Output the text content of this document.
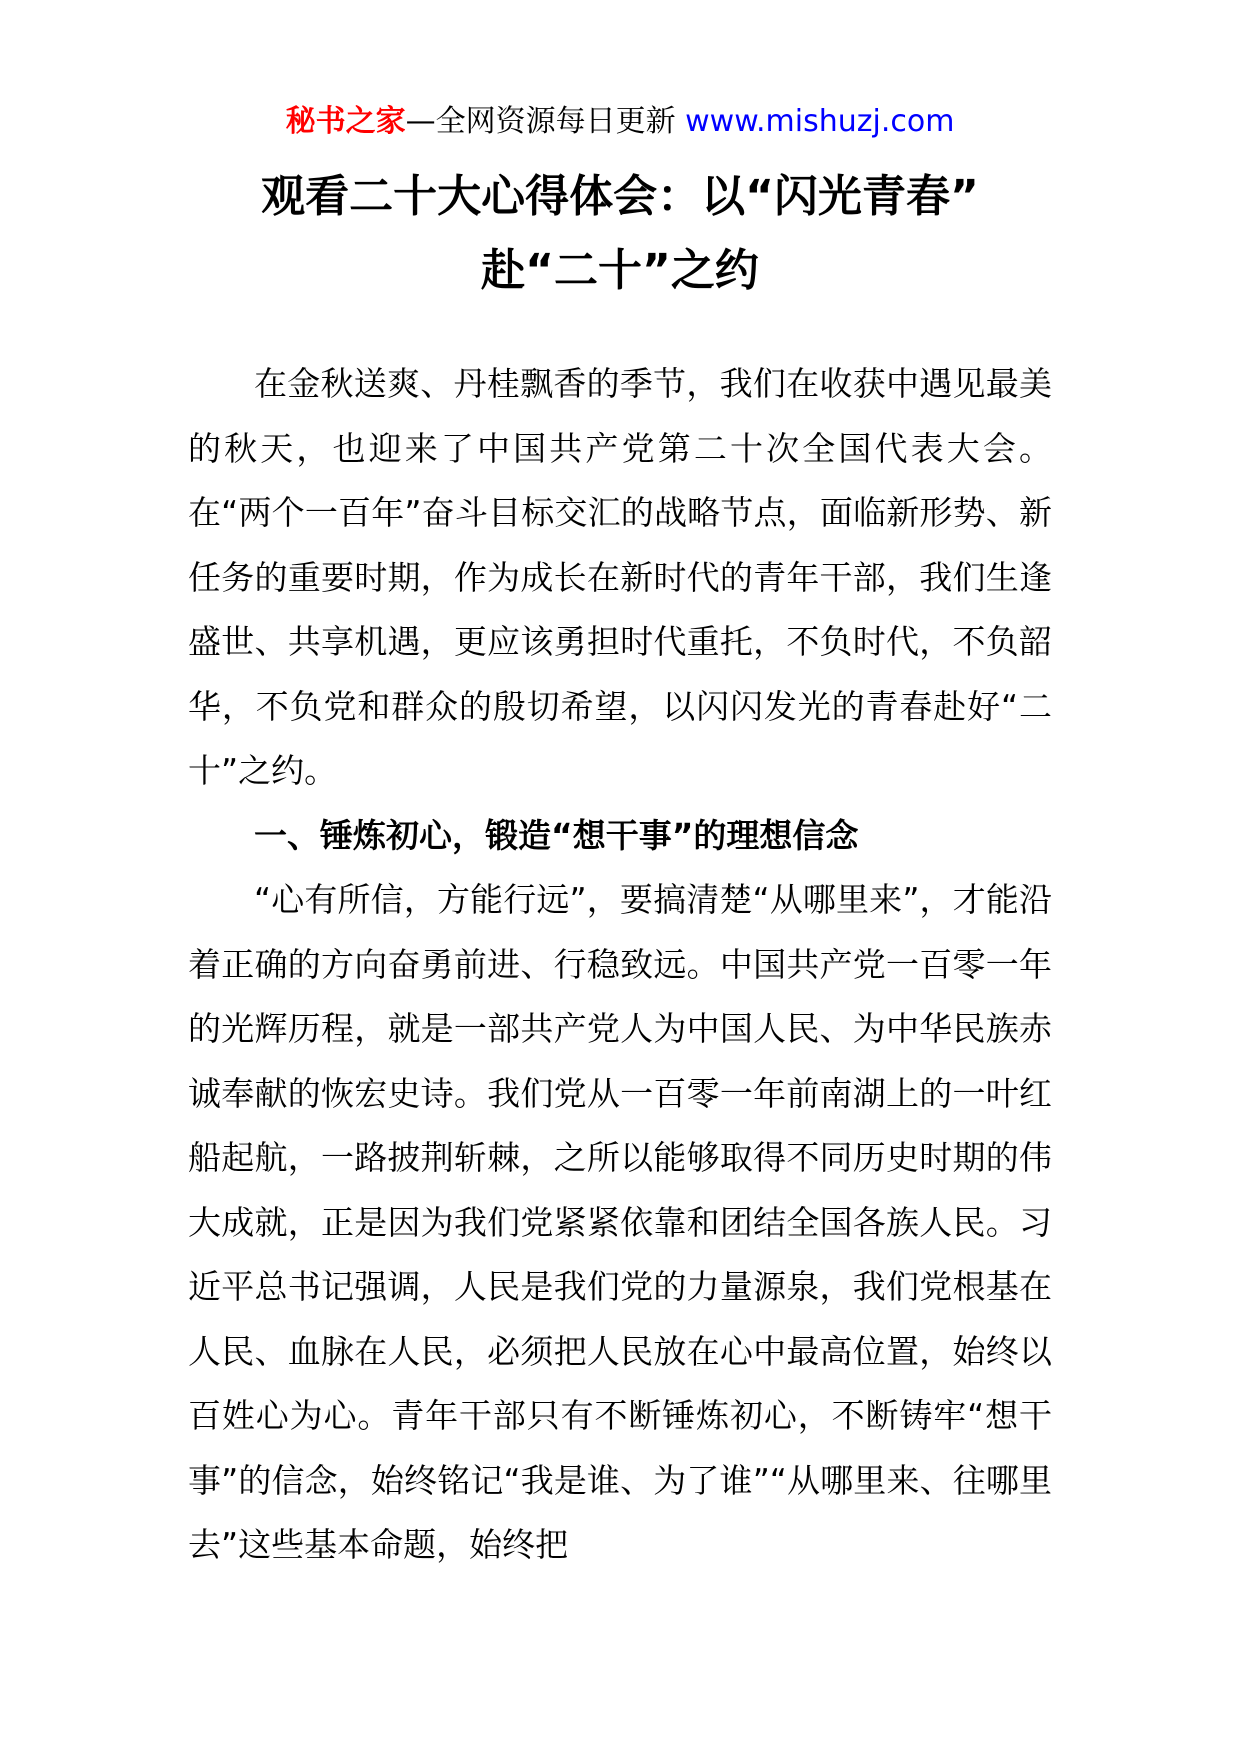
秘书之家—全网资源每日更新 www.mishuzj.com
观看二十大心得体会：以“闪光青春”
赴“二十”之约

在金秋送爽、丹桂飘香的季节，我们在收获中遇见最美的秋天，也迎来了中国共产党第二十次全国代表大会。在“两个一百年”奋斗目标交汇的战略节点，面临新形势、新任务的重要时期，作为成长在新时代的青年干部，我们生逢盛世、共享机遇，更应该勇担时代重托，不负时代，不负韶华，不负党和群众的殷切希望，以闪闪发光的青春赴好“二十”之约。

一、锤炼初心，锻造“想干事”的理想信念

“心有所信，方能行远”，要搞清楚“从哪里来”，才能沿着正确的方向奋勇前进、行稳致远。中国共产党一百零一年的光辉历程，就是一部共产党人为中国人民、为中华民族赤诚奉献的恢宏史诗。我们党从一百零一年前南湖上的一叶红船起航，一路披荆斩棘，之所以能够取得不同历史时期的伟大成就，正是因为我们党紧紧依靠和团结全国各族人民。习近平总书记强调，人民是我们党的力量源泉，我们党根基在人民、血脉在人民，必须把人民放在心中最高位置，始终以百姓心为心。青年干部只有不断锤炼初心，不断铸牢“想干事”的信念，始终铭记“我是谁、为了谁”“从哪里来、往哪里去”这些基本命题，始终把
